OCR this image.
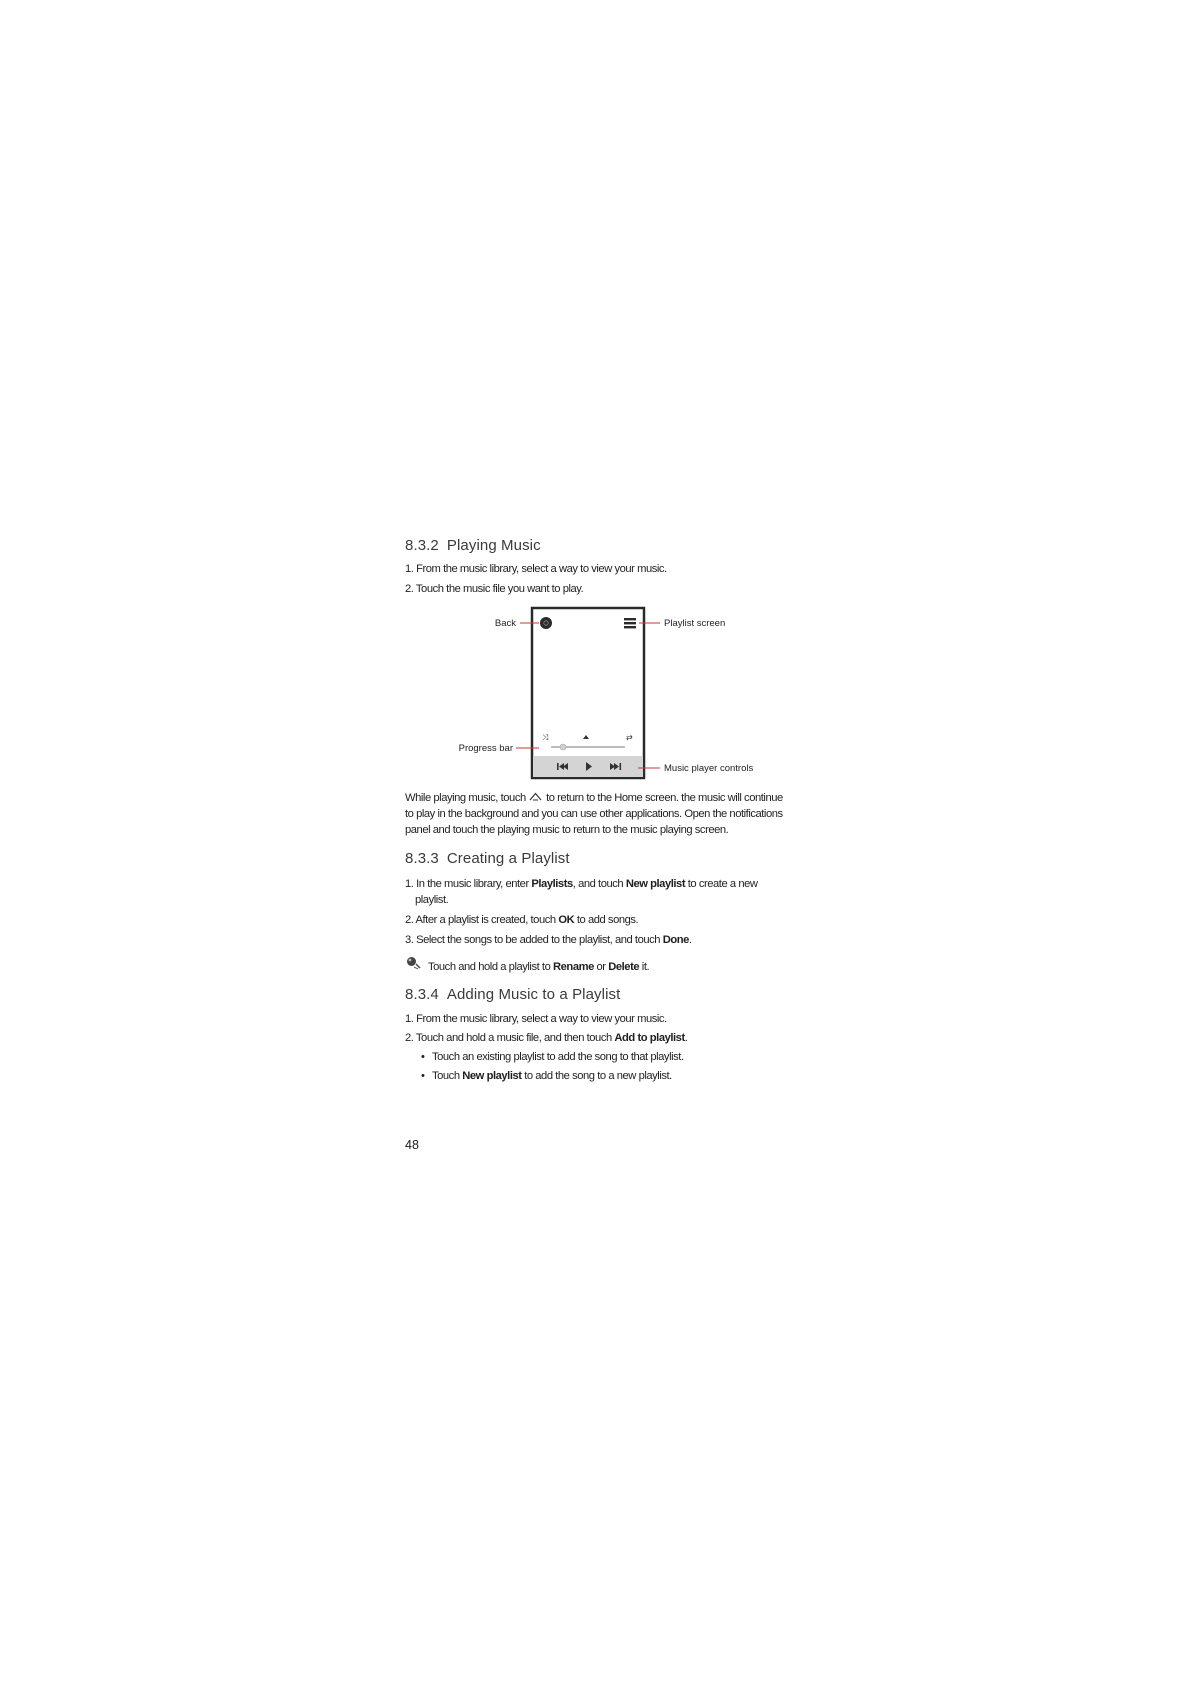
8.3.2 Playing Music
1. From the music library, select a way to view your music.
2. Touch the music file you want to play.
⤨	⇄
Back	Playlist screen
Progress bar
Music player controls
While playing music, touch  to return to the Home screen. the music will continue to play in the background and you can use other applications. Open the notifications panel and touch the playing music to return to the music playing screen.
8.3.3 Creating a Playlist
1. In the music library, enter Playlists, and touch New playlist to create a new playlist.
2. After a playlist is created, touch OK to add songs.
3. Select the songs to be added to the playlist, and touch Done.
Touch and hold a playlist to Rename or Delete it.
8.3.4 Adding Music to a Playlist
1. From the music library, select a way to view your music.
2. Touch and hold a music file, and then touch Add to playlist.
• Touch an existing playlist to add the song to that playlist.
• Touch New playlist to add the song to a new playlist.
48
